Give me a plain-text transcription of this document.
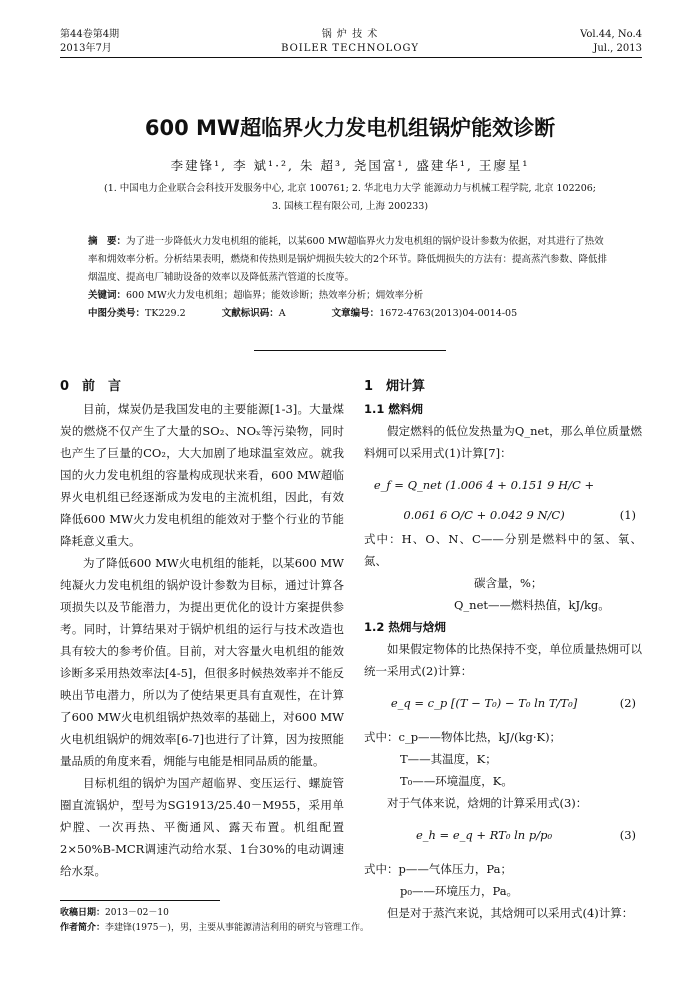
第44卷第4期
2013年7月
锅 炉 技 术
BOILER TECHNOLOGY
Vol.44, No.4
Jul., 2013
600 MW超临界火力发电机组锅炉能效诊断
李建锋¹, 李 斌¹·², 朱 超³, 尧国富¹, 盛建华¹, 王廖星¹
(1. 中国电力企业联合会科技开发服务中心, 北京 100761; 2. 华北电力大学 能源动力与机械工程学院, 北京 102206;
3. 国核工程有限公司, 上海 200233)
摘　要：为了进一步降低火力发电机组的能耗，以某600 MW超临界火力发电机组的锅炉设计参数为依据，对其进行了热效率和㶲效率分析。分析结果表明，燃烧和传热则是锅炉㶲损失较大的2个环节。降低㶲损失的方法有：提高蒸汽参数、降低排烟温度、提高电厂辅助设备的效率以及降低蒸汽管道的长度等。
关键词：600 MW火力发电机组；超临界；能效诊断；热效率分析；㶲效率分析
中图分类号：TK229.2	文献标识码：A	文章编号：1672-4763(2013)04-0014-05

0　前　言

目前，煤炭仍是我国发电的主要能源[1-3]。大量煤炭的燃烧不仅产生了大量的SO₂、NOₓ等污染物，同时也产生了巨量的CO₂，大大加剧了地球温室效应。就我国的火力发电机组的容量构成现状来看，600 MW超临界火电机组已经逐渐成为发电的主流机组，因此，有效降低600 MW火力发电机组的能效对于整个行业的节能降耗意义重大。

为了降低600 MW火电机组的能耗，以某600 MW纯凝火力发电机组的锅炉设计参数为目标，通过计算各项损失以及节能潜力，为提出更优化的设计方案提供参考。同时，计算结果对于锅炉机组的运行与技术改造也具有较大的参考价值。目前，对大容量火电机组的能效诊断多采用热效率法[4-5]，但很多时候热效率并不能反映出节电潜力，所以为了使结果更具有直观性，在计算了600 MW火电机组锅炉热效率的基础上，对600 MW火电机组锅炉的㶲效率[6-7]也进行了计算，因为按照能量品质的角度来看，㶲能与电能是相同品质的能量。

目标机组的锅炉为国产超临界、变压运行、螺旋管圈直流锅炉，型号为SG1913/25.40－M955，采用单炉膛、一次再热、平衡通风、露天布置。机组配置2×50%B-MCR调速汽动给水泵、1台30%的电动调速给水泵。

1　㶲计算

1.1 燃料㶲

假定燃料的低位发热量为Q_net，那么单位质量燃料㶲可以采用式(1)计算[7]：

e_f = Q_net (1.006 4 + 0.151 9 H/C +
0.061 6 O/C + 0.042 9 N/C)	(1)
式中：H、O、N、C——分别是燃料中的氢、氧、氮、
碳含量，%；
Q_net——燃料热值，kJ/kg。

1.2 热㶲与焓㶲

如果假定物体的比热保持不变，单位质量热㶲可以统一采用式(2)计算：

e_q = c_p [(T − T₀) − T₀ ln T/T₀]	(2)
式中：c_p——物体比热，kJ/(kg·K)；
T——其温度，K；
T₀——环境温度，K。

对于气体来说，焓㶲的计算采用式(3)：

e_h = e_q + RT₀ ln p/p₀	(3)
式中：p——气体压力，Pa；
p₀——环境压力，Pa。

但是对于蒸汽来说，其焓㶲可以采用式(4)计算：

收稿日期：2013－02－10
作者简介：李建锋(1975－)，男，主要从事能源清洁利用的研究与管理工作。
